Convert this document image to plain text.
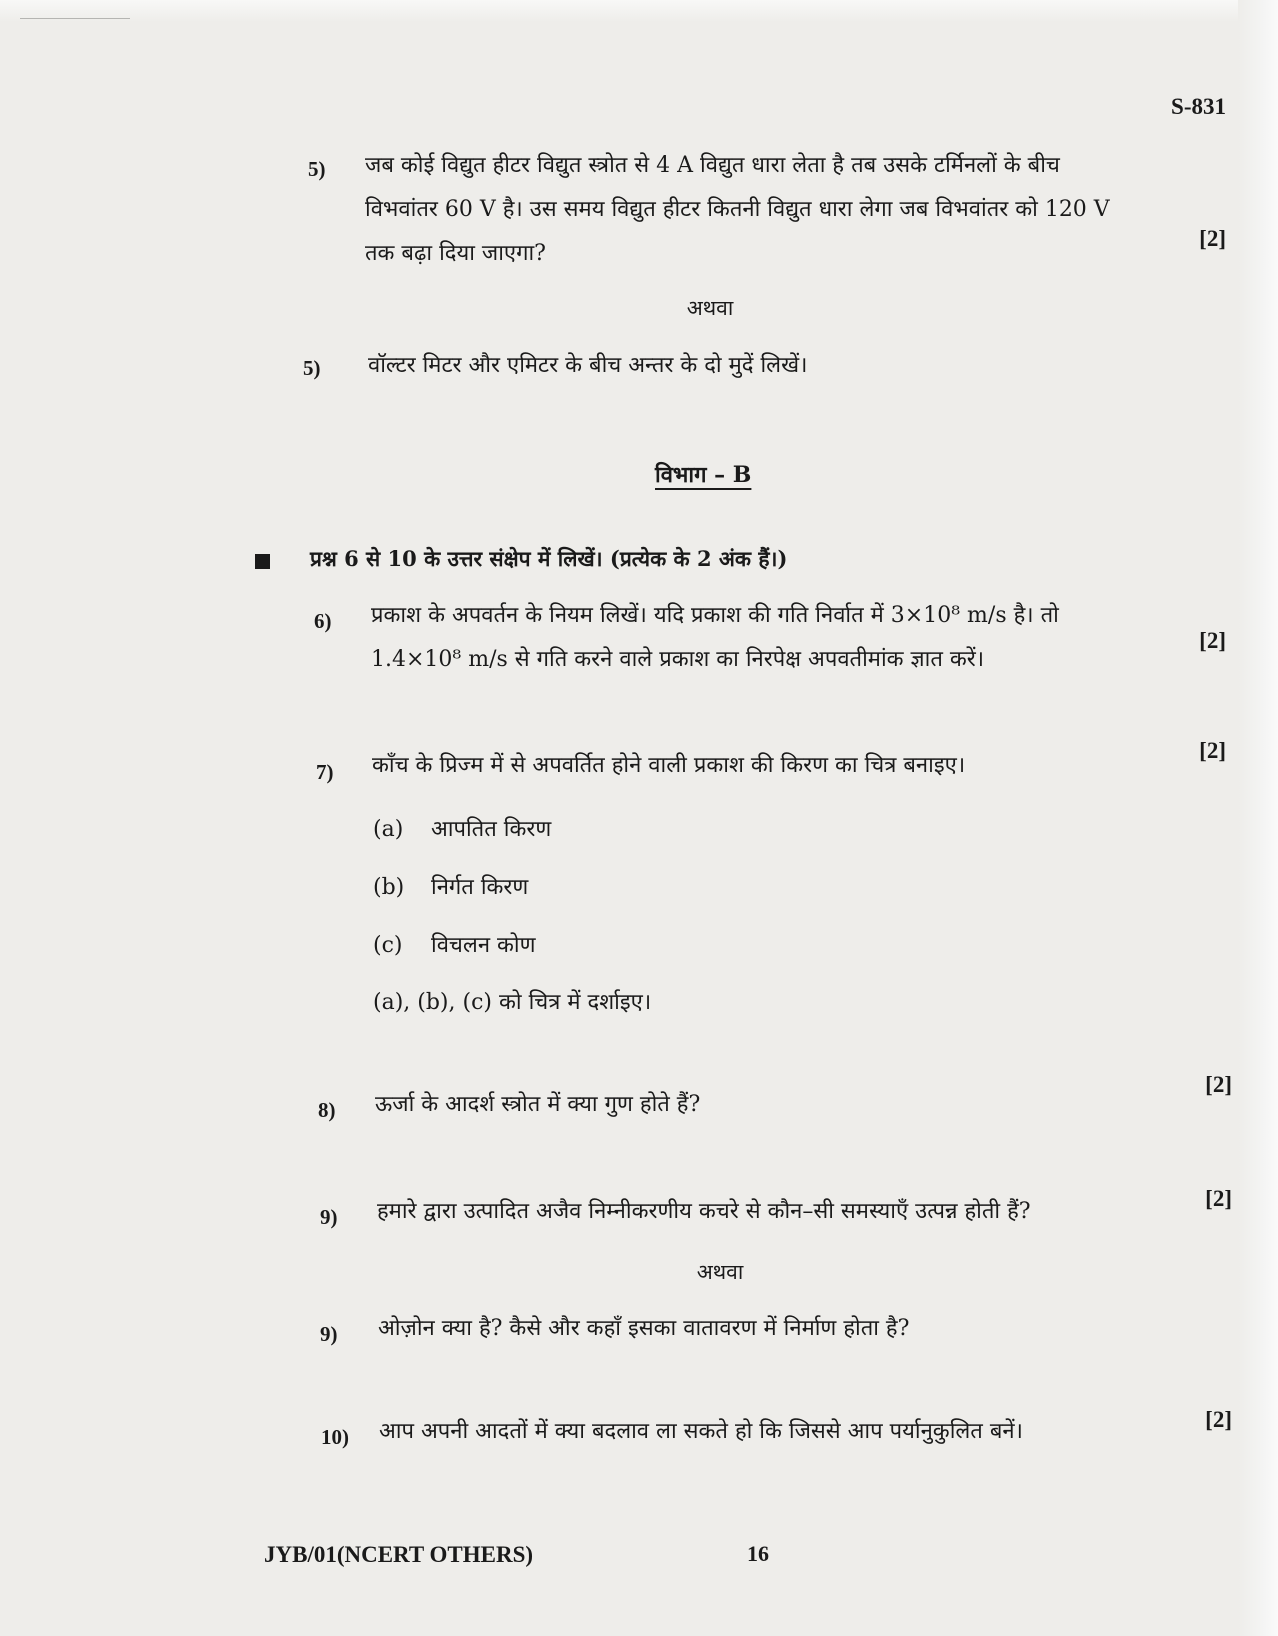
S-831
5) जब कोई विद्युत हीटर विद्युत स्त्रोत से 4 A विद्युत धारा लेता है तब उसके टर्मिनलों के बीच
विभवांतर 60 V है। उस समय विद्युत हीटर कितनी विद्युत धारा लेगा जब विभवांतर को 120 V
तक बढ़ा दिया जाएगा?
[2]
अथवा
5) वॉल्टर मिटर और एमिटर के बीच अन्तर के दो मुदें लिखें।
विभाग – B
प्रश्न 6 से 10 के उत्तर संक्षेप में लिखें। (प्रत्येक के 2 अंक हैं।)
6) प्रकाश के अपवर्तन के नियम लिखें। यदि प्रकाश की गति निर्वात में 3×10⁸ m/s है। तो
1.4×10⁸ m/s से गति करने वाले प्रकाश का निरपेक्ष अपवतीमांक ज्ञात करें।
[2]
[2]
7) काँच के प्रिज्म में से अपवर्तित होने वाली प्रकाश की किरण का चित्र बनाइए।
(a) आपतित किरण
(b) निर्गत किरण
(c) विचलन कोण
(a), (b), (c) को चित्र में दर्शाइए।
[2]
8) ऊर्जा के आदर्श स्त्रोत में क्या गुण होते हैं?
[2]
9) हमारे द्वारा उत्पादित अजैव निम्नीकरणीय कचरे से कौन–सी समस्याएँ उत्पन्न होती हैं?
अथवा
9) ओज़ोन क्या है? कैसे और कहाँ इसका वातावरण में निर्माण होता है?
[2]
10) आप अपनी आदतों में क्या बदलाव ला सकते हो कि जिससे आप पर्यानुकुलित बनें।
JYB/01(NCERT OTHERS)	16
